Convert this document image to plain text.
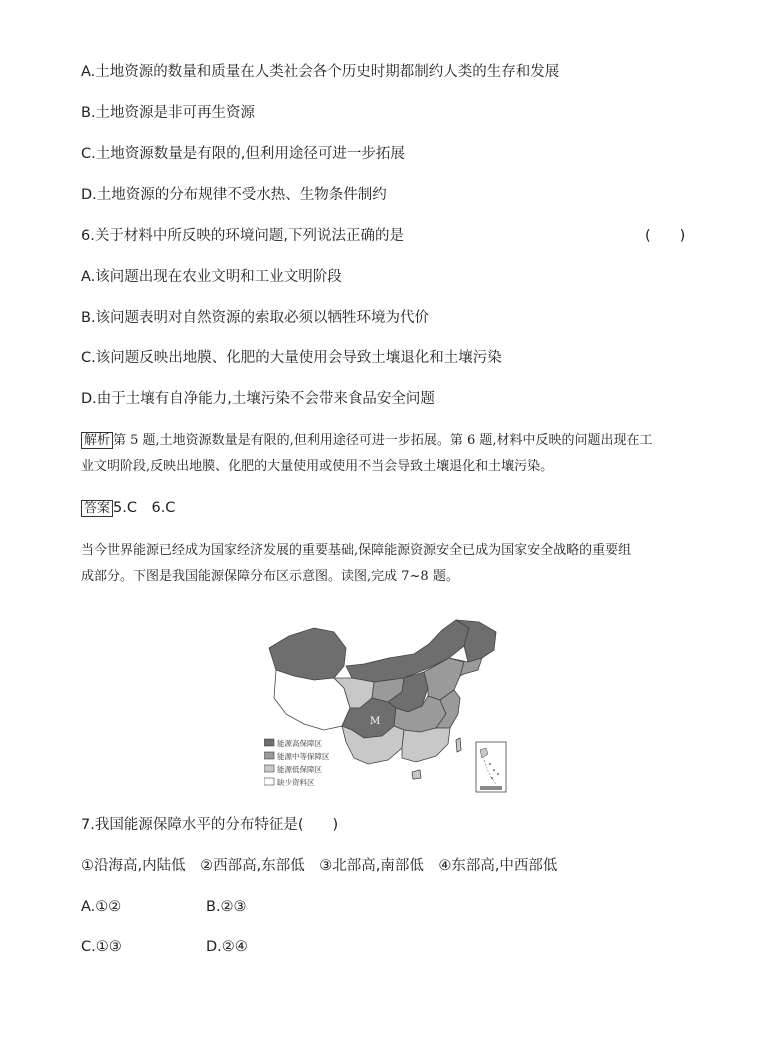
A.土地资源的数量和质量在人类社会各个历史时期都制约人类的生存和发展
B.土地资源是非可再生资源
C.土地资源数量是有限的,但利用途径可进一步拓展
D.土地资源的分布规律不受水热、生物条件制约
6.关于材料中所反映的环境问题,下列说法正确的是	(　　)
A.该问题出现在农业文明和工业文明阶段
B.该问题表明对自然资源的索取必须以牺牲环境为代价
C.该问题反映出地膜、化肥的大量使用会导致土壤退化和土壤污染
D.由于土壤有自净能力,土壤污染不会带来食品安全问题
解析 第 5 题,土地资源数量是有限的,但利用途径可进一步拓展。第 6 题,材料中反映的问题出现在工
业文明阶段,反映出地膜、化肥的大量使用或使用不当会导致土壤退化和土壤污染。
答案 5.C　6.C
当今世界能源已经成为国家经济发展的重要基础,保障能源资源安全已成为国家安全战略的重要组
成部分。下图是我国能源保障分布区示意图。读图,完成 7~8 题。
M
能源高保障区
能源中等保障区
能源低保障区
缺少资料区
7.我国能源保障水平的分布特征是(　　)
①沿海高,内陆低　②西部高,东部低　③北部高,南部低　④东部高,中西部低
A.①②	B.②③
C.①③	D.②④
